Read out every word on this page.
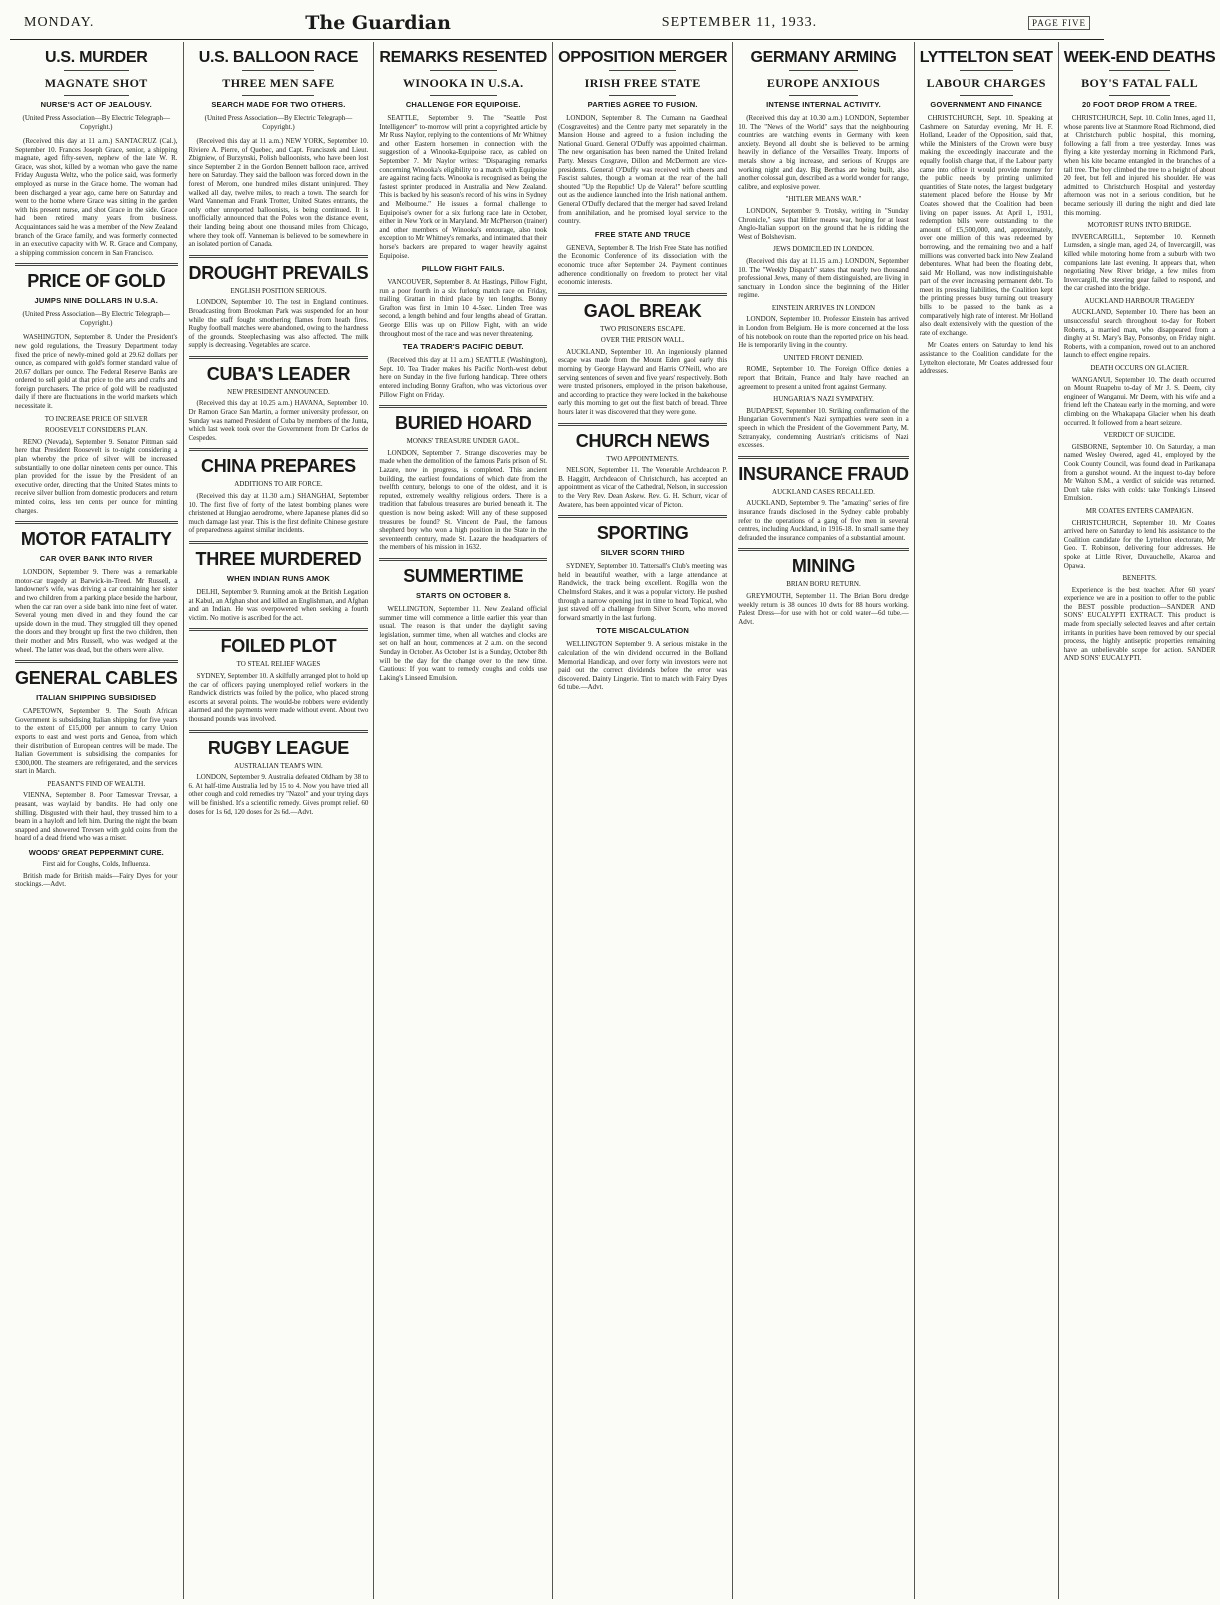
MONDAY.	The Guardian	SEPTEMBER 11, 1933.	PAGE FIVE
U.S. MURDER
MAGNATE SHOT
NURSE'S ACT OF JEALOUSY.
(United Press Association—By Electric Telegraph—Copyright.)

(Received this day at 11 a.m.) SANTACRUZ (Cal.), September 10. Frances Joseph Grace, senior, a shipping magnate, aged fifty-seven, nephew of the late W. R. Grace, was shot, killed by a woman who gave the name Friday Augusta Weltz, who the police said, was formerly employed as nurse in the Grace home. The woman had been discharged a year ago, came here on Saturday and went to the home where Grace was sitting in the garden with his present nurse, and shot Grace in the side. Grace had been retired many years from business. Acquaintances said he was a member of the New Zealand branch of the Grace family, and was formerly connected in an executive capacity with W. R. Grace and Company, a shipping commission concern in San Francisco.

PRICE OF GOLD
JUMPS NINE DOLLARS IN U.S.A.
(United Press Association—By Electric Telegraph—Copyright.)

WASHINGTON, September 8. Under the President's new gold regulations, the Treasury Department today fixed the price of newly-mined gold at 29.62 dollars per ounce, as compared with gold's former standard value of 20.67 dollars per ounce. The Federal Reserve Banks are ordered to sell gold at that price to the arts and crafts and foreign purchasers. The price of gold will be readjusted daily if there are fluctuations in the world markets which necessitate it.

TO INCREASE PRICE OF SILVER
ROOSEVELT CONSIDERS PLAN.

RENO (Nevada), September 9. Senator Pittman said here that President Roosevelt is to-night considering a plan whereby the price of silver will be increased substantially to one dollar nineteen cents per ounce. This plan provided for the issue by the President of an executive order, directing that the United States mints to receive silver bullion from domestic producers and return minted coins, less ten cents per ounce for minting charges.

MOTOR FATALITY
CAR OVER BANK INTO RIVER

LONDON, September 9. There was a remarkable motor-car tragedy at Barwick-in-Treed. Mr Russell, a landowner's wife, was driving a car containing her sister and two children from a parking place beside the harbour, when the car ran over a side bank into nine feet of water. Several young men dived in and they found the car upside down in the mud. They struggled till they opened the doors and they brought up first the two children, then their mother and Mrs Russell, who was wedged at the wheel. The latter was dead, but the others were alive.

GENERAL CABLES
ITALIAN SHIPPING SUBSIDISED

CAPETOWN, September 9. The South African Government is subsidising Italian shipping for five years to the extent of £15,000 per annum to carry Union exports to east and west ports and Genoa, from which their distribution of European centres will be made. The Italian Government is subsidising the companies for £300,000. The steamers are refrigerated, and the services start in March.

PEASANT'S FIND OF WEALTH.

VIENNA, September 8. Poor Tamesvar Trevsar, a peasant, was waylaid by bandits. He had only one shilling. Disgusted with their haul, they trussed him to a beam in a hayloft and left him. During the night the beam snapped and showered Trevsen with gold coins from the hoard of a dead friend who was a miser.

WOODS' GREAT PEPPERMINT CURE.
First aid for Coughs, Colds, Influenza.

British made for British maids—Fairy Dyes for your stockings.—Advt.

U.S. BALLOON RACE
THREE MEN SAFE
SEARCH MADE FOR TWO OTHERS.
(United Press Association—By Electric Telegraph—Copyright.)

(Received this day at 11 a.m.) NEW YORK, September 10. Riviere A. Pierre, of Quebec, and Capt. Franciszek and Lieut. Zbigniew, of Burzynski, Polish balloonists, who have been lost since September 2 in the Gordon Bennett balloon race, arrived here on Saturday. They said the balloon was forced down in the forest of Merom, one hundred miles distant uninjured. They walked all day, twelve miles, to reach a town. The search for Ward Vanneman and Frank Trotter, United States entrants, the only other unreported balloonists, is being continued. It is unofficially announced that the Poles won the distance event, their landing being about one thousand miles from Chicago, where they took off. Vanneman is believed to be somewhere in an isolated portion of Canada.

DROUGHT PREVAILS
ENGLISH POSITION SERIOUS.

LONDON, September 10. The test in England continues. Broadcasting from Brookman Park was suspended for an hour while the staff fought smothering flames from heath fires. Rugby football matches were abandoned, owing to the hardness of the grounds. Steeplechasing was also affected. The milk supply is decreasing. Vegetables are scarce.

CUBA'S LEADER
NEW PRESIDENT ANNOUNCED.

(Received this day at 10.25 a.m.) HAVANA, September 10. Dr Ramon Grace San Martin, a former university professor, on Sunday was named President of Cuba by members of the Junta, which last week took over the Government from Dr Carlos de Cespedes.

CHINA PREPARES
ADDITIONS TO AIR FORCE.

(Received this day at 11.30 a.m.) SHANGHAI, September 10. The first five of forty of the latest bombing planes were christened at Hungjao aerodrome, where Japanese planes did so much damage last year. This is the first definite Chinese gesture of preparedness against similar incidents.

THREE MURDERED
WHEN INDIAN RUNS AMOK

DELHI, September 9. Running amok at the British Legation at Kabul, an Afghan shot and killed an Englishman, and Afghan and an Indian. He was overpowered when seeking a fourth victim. No motive is ascribed for the act.

FOILED PLOT
TO STEAL RELIEF WAGES

SYDNEY, September 10. A skilfully arranged plot to hold up the car of officers paying unemployed relief workers in the Randwick districts was foiled by the police, who placed strong escorts at several points. The would-be robbers were evidently alarmed and the payments were made without event. About two thousand pounds was involved.

RUGBY LEAGUE
AUSTRALIAN TEAM'S WIN.

LONDON, September 9. Australia defeated Oldham by 38 to 6. At half-time Australia led by 15 to 4. Now you have tried all other cough and cold remedies try "Nazol" and your trying days will be finished. It's a scientific remedy. Gives prompt relief. 60 doses for 1s 6d, 120 doses for 2s 6d.—Advt.

REMARKS RESENTED
WINOOKA IN U.S.A.
CHALLENGE FOR EQUIPOISE.

SEATTLE, September 9. The "Seattle Post Intelligencer" to-morrow will print a copyrighted article by Mr Russ Naylor, replying to the contentions of Mr Whitney and other Eastern horsemen in connection with the suggestion of a Winooka-Equipoise race, as cabled on September 7. Mr Naylor writes: "Disparaging remarks concerning Winooka's eligibility to a match with Equipoise are against racing facts. Winooka is recognised as being the fastest sprinter produced in Australia and New Zealand. This is backed by his season's record of his wins in Sydney and Melbourne." He issues a formal challenge to Equipoise's owner for a six furlong race late in October, either in New York or in Maryland. Mr McPherson (trainer) and other members of Winooka's entourage, also took exception to Mr Whitney's remarks, and intimated that their horse's backers are prepared to wager heavily against Equipoise.

PILLOW FIGHT FAILS.

VANCOUVER, September 8. At Hastings, Pillow Fight, run a poor fourth in a six furlong match race on Friday, trailing Grattan in third place by ten lengths. Bonny Grafton was first in 1min 10 4-5sec. Linden Tree was second, a length behind and four lengths ahead of Grattan. George Ellis was up on Pillow Fight, with an wide throughout most of the race and was never threatening.

TEA TRADER'S PACIFIC DEBUT.

(Received this day at 11 a.m.) SEATTLE (Washington), Sept. 10. Tea Trader makes his Pacific North-west debut here on Sunday in the five furlong handicap. Three others entered including Bonny Grafton, who was victorious over Pillow Fight on Friday.

BURIED HOARD
MONKS' TREASURE UNDER GAOL.

LONDON, September 7. Strange discoveries may be made when the demolition of the famous Paris prison of St. Lazare, now in progress, is completed. This ancient building, the earliest foundations of which date from the twelfth century, belongs to one of the oldest, and it is reputed, extremely wealthy religious orders. There is a tradition that fabulous treasures are buried beneath it. The question is now being asked: Will any of these supposed treasures be found? St. Vincent de Paul, the famous shepherd boy who won a high position in the State in the seventeenth century, made St. Lazare the headquarters of the members of his mission in 1632.

SUMMERTIME
STARTS ON OCTOBER 8.

WELLINGTON, September 11. New Zealand official summer time will commence a little earlier this year than usual. The reason is that under the daylight saving legislation, summer time, when all watches and clocks are set on half an hour, commences at 2 a.m. on the second Sunday in October. As October 1st is a Sunday, October 8th will be the day for the change over to the new time. Cautious: If you want to remedy coughs and colds use Laking's Linseed Emulsion.

OPPOSITION MERGER
IRISH FREE STATE
PARTIES AGREE TO FUSION.

LONDON, September 8. The Cumann na Gaedheal (Cosgraveites) and the Centre party met separately in the Mansion House and agreed to a fusion including the National Guard. General O'Duffy was appointed chairman. The new organisation has been named the United Ireland Party. Messrs Cosgrave, Dillon and McDermott are vice-presidents. General O'Duffy was received with cheers and Fascist salutes, though a woman at the rear of the hall shouted "Up the Republic! Up de Valera!" before scuttling out as the audience launched into the Irish national anthem. General O'Duffy declared that the merger had saved Ireland from annihilation, and he promised loyal service to the country.

FREE STATE AND TRUCE

GENEVA, September 8. The Irish Free State has notified the Economic Conference of its dissociation with the economic truce after September 24. Payment continues adherence conditionally on freedom to protect her vital economic interests.

GAOL BREAK
TWO PRISONERS ESCAPE.
OVER THE PRISON WALL.

AUCKLAND, September 10. An ingeniously planned escape was made from the Mount Eden gaol early this morning by George Hayward and Harris O'Neill, who are serving sentences of seven and five years' respectively. Both were trusted prisoners, employed in the prison bakehouse, and according to practice they were locked in the bakehouse early this morning to get out the first batch of bread. Three hours later it was discovered that they were gone.

CHURCH NEWS
TWO APPOINTMENTS.

NELSON, September 11. The Venerable Archdeacon P. B. Haggitt, Archdeacon of Christchurch, has accepted an appointment as vicar of the Cathedral, Nelson, in succession to the Very Rev. Dean Askew. Rev. G. H. Schurr, vicar of Awatere, has been appointed vicar of Picton.

SPORTING
SILVER SCORN THIRD

SYDNEY, September 10. Tattersall's Club's meeting was held in beautiful weather, with a large attendance at Randwick, the track being excellent. Rogilla won the Chelmsford Stakes, and it was a popular victory. He pushed through a narrow opening just in time to head Topical, who just staved off a challenge from Silver Scorn, who moved forward smartly in the last furlong.

TOTE MISCALCULATION

WELLINGTON September 9. A serious mistake in the calculation of the win dividend occurred in the Bolland Memorial Handicap, and over forty win investors were not paid out the correct dividends before the error was discovered. Dainty Lingerie. Tint to match with Fairy Dyes 6d tube.—Advt.

GERMANY ARMING
EUROPE ANXIOUS
INTENSE INTERNAL ACTIVITY.

(Received this day at 10.30 a.m.) LONDON, September 10. The "News of the World" says that the neighbouring countries are watching events in Germany with keen anxiety. Beyond all doubt she is believed to be arming heavily in defiance of the Versailles Treaty. Imports of metals show a big increase, and serious of Krupps are working night and day. Big Berthas are being built, also another colossal gun, described as a world wonder for range, calibre, and explosive power.

"HITLER MEANS WAR."

LONDON, September 9. Trotsky, writing in "Sunday Chronicle," says that Hitler means war, hoping for at least Anglo-Italian support on the ground that he is ridding the West of Bolshevism.

JEWS DOMICILED IN LONDON.

(Received this day at 11.15 a.m.) LONDON, September 10. The "Weekly Dispatch" states that nearly two thousand professional Jews, many of them distinguished, are living in sanctuary in London since the beginning of the Hitler regime.

EINSTEIN ARRIVES IN LONDON

LONDON, September 10. Professor Einstein has arrived in London from Belgium. He is more concerned at the loss of his notebook on route than the reported price on his head. He is temporarily living in the country.

UNITED FRONT DENIED.

ROME, September 10. The Foreign Office denies a report that Britain, France and Italy have reached an agreement to present a united front against Germany.

HUNGARIA'S NAZI SYMPATHY.

BUDAPEST, September 10. Striking confirmation of the Hungarian Government's Nazi sympathies were seen in a speech in which the President of the Government Party, M. Sztranyaky, condemning Austrian's criticisms of Nazi excesses.

INSURANCE FRAUD
AUCKLAND CASES RECALLED.

AUCKLAND, September 9. The "amazing" series of fire insurance frauds disclosed in the Sydney cable probably refer to the operations of a gang of five men in several centres, including Auckland, in 1916-18. In small same they defrauded the insurance companies of a substantial amount.

MINING
BRIAN BORU RETURN.

GREYMOUTH, September 11. The Brian Boru dredge weekly return is 38 ounces 10 dwts for 88 hours working. Palest Dress—for use with hot or cold water—6d tube.—Advt.

LYTTELTON SEAT
LABOUR CHARGES
GOVERNMENT AND FINANCE

CHRISTCHURCH, Sept. 10. Speaking at Cashmere on Saturday evening, Mr H. F. Holland, Leader of the Opposition, said that, while the Ministers of the Crown were busy making the exceedingly inaccurate and the equally foolish charge that, if the Labour party came into office it would provide money for the public needs by printing unlimited quantities of State notes, the largest budgetary statement placed before the House by Mr Coates showed that the Coalition had been living on paper issues. At April 1, 1931, redemption bills were outstanding to the amount of £5,500,000, and, approximately, over one million of this was redeemed by borrowing, and the remaining two and a half millions was converted back into New Zealand debentures. What had been the floating debt, said Mr Holland, was now indistinguishable part of the ever increasing permanent debt. To meet its pressing liabilities, the Coalition kept the printing presses busy turning out treasury bills to be passed to the bank as a comparatively high rate of interest. Mr Holland also dealt extensively with the question of the rate of exchange.

Mr Coates enters on Saturday to lend his assistance to the Coalition candidate for the Lyttelton electorate, Mr Coates addressed four addresses.

WEEK-END DEATHS
BOY'S FATAL FALL
20 FOOT DROP FROM A TREE.

CHRISTCHURCH, Sept. 10. Colin Innes, aged 11, whose parents live at Stanmore Road Richmond, died at Christchurch public hospital, this morning, following a fall from a tree yesterday. Innes was flying a kite yesterday morning in Richmond Park, when his kite became entangled in the branches of a tall tree. The boy climbed the tree to a height of about 20 feet, but fell and injured his shoulder. He was admitted to Christchurch Hospital and yesterday afternoon was not in a serious condition, but he became seriously ill during the night and died late this morning.

MOTORIST RUNS INTO BRIDGE.

INVERCARGILL, September 10. Kenneth Lumsden, a single man, aged 24, of Invercargill, was killed while motoring home from a suburb with two companions late last evening. It appears that, when negotiating New River bridge, a few miles from Invercargill, the steering gear failed to respond, and the car crashed into the bridge.

AUCKLAND HARBOUR TRAGEDY

AUCKLAND, September 10. There has been an unsuccessful search throughout to-day for Robert Roberts, a married man, who disappeared from a dinghy at St. Mary's Bay, Ponsonby, on Friday night. Roberts, with a companion, rowed out to an anchored launch to effect engine repairs.

DEATH OCCURS ON GLACIER.

WANGANUI, September 10. The death occurred on Mount Ruapehu to-day of Mr J. S. Deem, city engineer of Wanganui. Mr Deem, with his wife and a friend left the Chateau early in the morning, and were climbing on the Whakapapa Glacier when his death occurred. It followed from a heart seizure.

VERDICT OF SUICIDE.

GISBORNE, September 10. On Saturday, a man named Wesley Owered, aged 41, employed by the Cook County Council, was found dead in Parikanapa from a gunshot wound. At the inquest to-day before Mr Walton S.M., a verdict of suicide was returned. Don't take risks with colds: take Tonking's Linseed Emulsion.

MR COATES ENTERS CAMPAIGN.

CHRISTCHURCH, September 10. Mr Coates arrived here on Saturday to lend his assistance to the Coalition candidate for the Lyttelton electorate, Mr Geo. T. Robinson, delivering four addresses. He spoke at Little River, Duvauchelle, Akaroa and Opawa.

BENEFITS.

Experience is the best teacher. After 60 years' experience we are in a position to offer to the public the BEST possible production—SANDER AND SONS' EUCALYPTI EXTRACT. This product is made from specially selected leaves and after certain irritants in purities have been removed by our special process, the highly antiseptic properties remaining have an unbelievable scope for action. SANDER AND SONS' EUCALYPTI.
